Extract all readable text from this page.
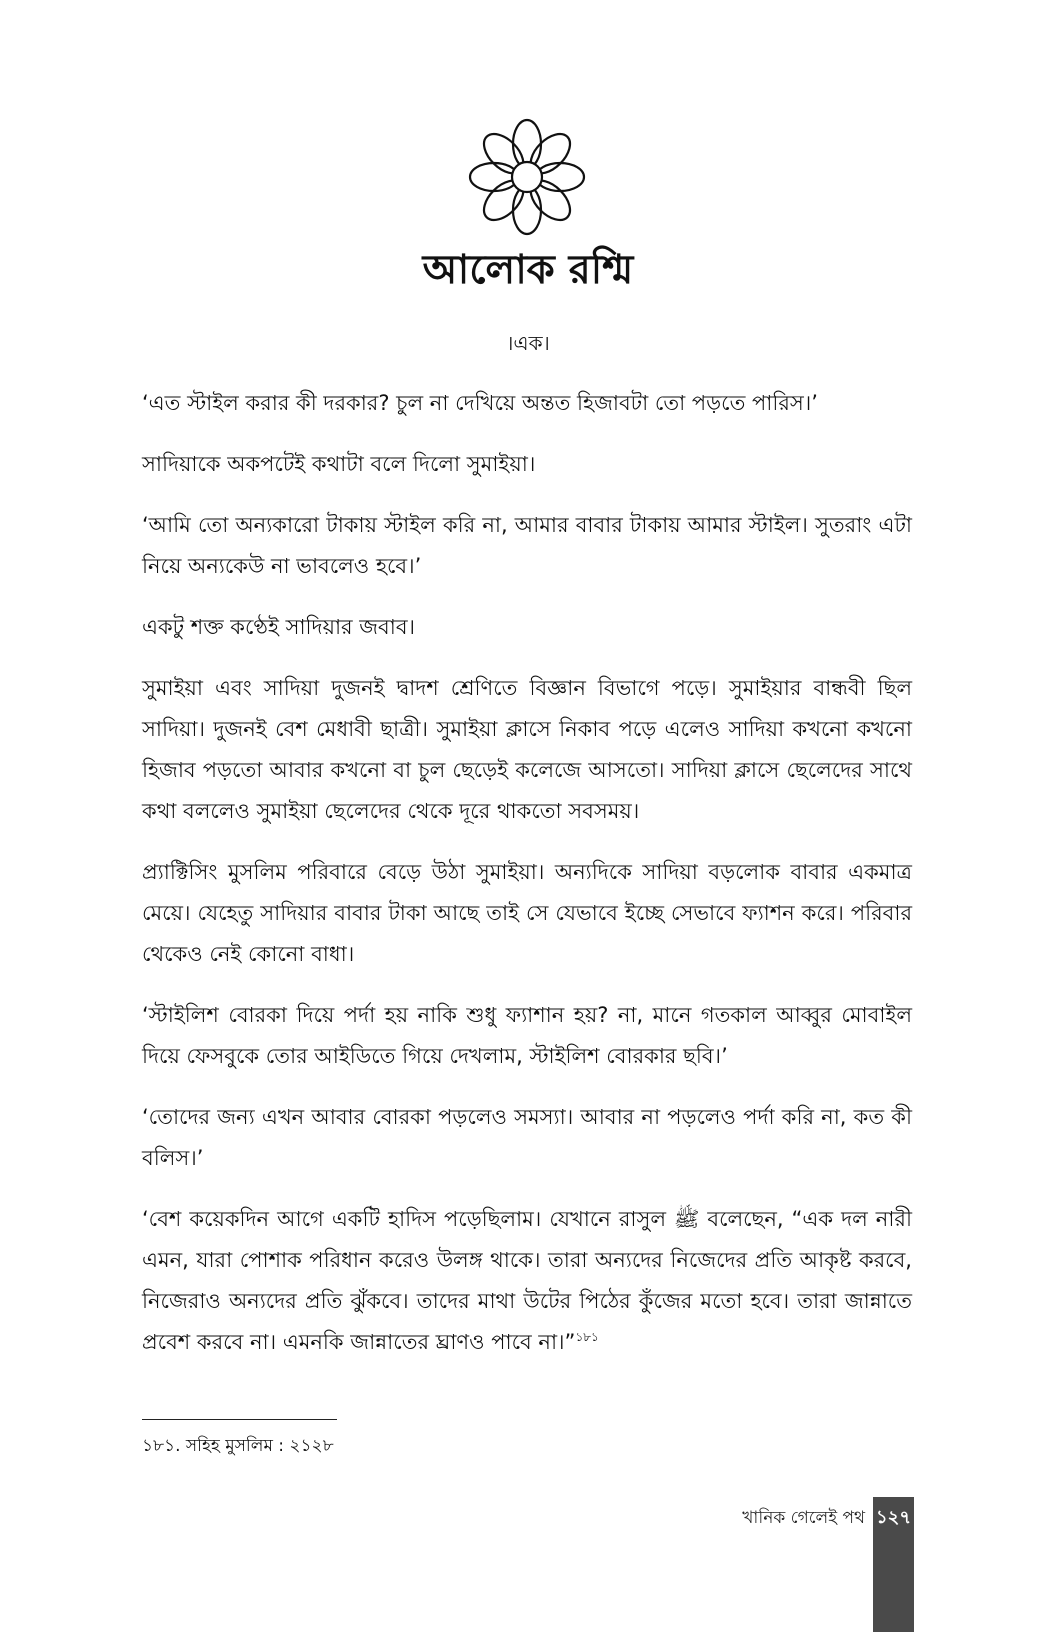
আলোক রশ্মি
।এক।

‘এত স্টাইল করার কী দরকার? চুল না দেখিয়ে অন্তত হিজাবটা তো পড়তে পারিস।’

সাদিয়াকে অকপটেই কথাটা বলে দিলো সুমাইয়া।

‘আমি তো অন্যকারো টাকায় স্টাইল করি না, আমার বাবার টাকায় আমার স্টাইল। সুতরাং এটা নিয়ে অন্যকেউ না ভাবলেও হবে।’

একটু শক্ত কণ্ঠেই সাদিয়ার জবাব।

সুমাইয়া এবং সাদিয়া দুজনই দ্বাদশ শ্রেণিতে বিজ্ঞান বিভাগে পড়ে। সুমাইয়ার বান্ধবী ছিল সাদিয়া। দুজনই বেশ মেধাবী ছাত্রী। সুমাইয়া ক্লাসে নিকাব পড়ে এলেও সাদিয়া কখনো কখনো হিজাব পড়তো আবার কখনো বা চুল ছেড়েই কলেজে আসতো। সাদিয়া ক্লাসে ছেলেদের সাথে কথা বললেও সুমাইয়া ছেলেদের থেকে দূরে থাকতো সবসময়।

প্র্যাক্টিসিং মুসলিম পরিবারে বেড়ে উঠা সুমাইয়া। অন্যদিকে সাদিয়া বড়লোক বাবার একমাত্র মেয়ে। যেহেতু সাদিয়ার বাবার টাকা আছে তাই সে যেভাবে ইচ্ছে সেভাবে ফ্যাশন করে। পরিবার থেকেও নেই কোনো বাধা।

‘স্টাইলিশ বোরকা দিয়ে পর্দা হয় নাকি শুধু ফ্যাশান হয়? না, মানে গতকাল আব্বুর মোবাইল দিয়ে ফেসবুকে তোর আইডিতে গিয়ে দেখলাম, স্টাইলিশ বোরকার ছবি।’

‘তোদের জন্য এখন আবার বোরকা পড়লেও সমস্যা। আবার না পড়লেও পর্দা করি না, কত কী বলিস।’

‘বেশ কয়েকদিন আগে একটি হাদিস পড়েছিলাম। যেখানে রাসুল ﷺ বলেছেন, “এক দল নারী এমন, যারা পোশাক পরিধান করেও উলঙ্গ থাকে। তারা অন্যদের নিজেদের প্রতি আকৃষ্ট করবে, নিজেরাও অন্যদের প্রতি ঝুঁকবে। তাদের মাথা উটের পিঠের কুঁজের মতো হবে। তারা জান্নাতে প্রবেশ করবে না। এমনকি জান্নাতের ঘ্রাণও পাবে না।”$^{১৮১}$

১৮১. সহিহ মুসলিম : ২১২৮
খানিক গেলেই পথ ১২৭
